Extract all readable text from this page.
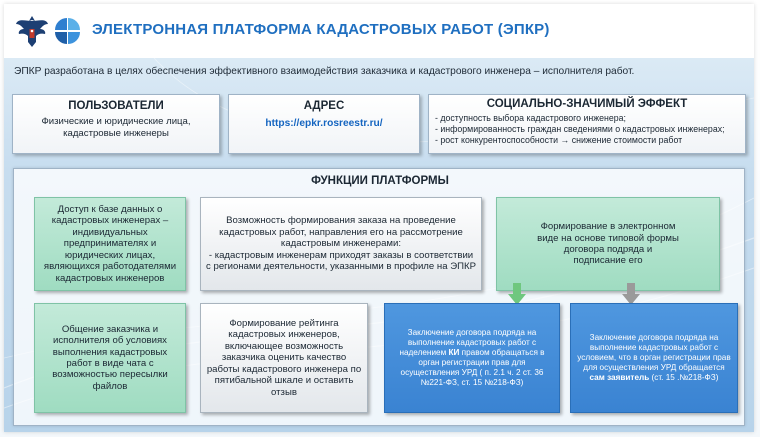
ЭЛЕКТРОННАЯ ПЛАТФОРМА КАДАСТРОВЫХ РАБОТ (ЭПКР)
ЭПКР разработана в целях обеспечения эффективного взаимодействия заказчика и кадастрового инженера – исполнителя работ.
ПОЛЬЗОВАТЕЛИ
Физические и юридические лица, кадастровые инженеры
АДРЕС
https://epkr.rosreestr.ru/
СОЦИАЛЬНО-ЗНАЧИМЫЙ ЭФФЕКТ
- доступность выбора кадастрового инженера;
- информированность граждан сведениями о кадастровых инженерах;
- рост конкурентоспособности → снижение стоимости работ
ФУНКЦИИ ПЛАТФОРМЫ
Доступ к базе данных о кадастровых инженерах – индивидуальных предпринимателях и юридических лицах, являющихся работодателями кадастровых инженеров
Возможность формирования заказа на проведение кадастровых работ, направления его на рассмотрение кадастровым инженерами:
- кадастровым инженерам приходят заказы в соответствии с регионами деятельности, указанными в профиле на ЭПКР
Формирование в электронном виде на основе типовой формы договора подряда и подписание его
Общение заказчика и исполнителя об условиях выполнения кадастровых работ в виде чата с возможностью пересылки файлов
Формирование рейтинга кадастровых инженеров, включающее возможность заказчика оценить качество работы кадастрового инженера по пятибальной шкале и оставить отзыв
Заключение договора подряда на выполнение кадастровых работ с наделением КИ правом обращаться в орган регистрации прав для осуществления УРД ( п. 2.1 ч. 2 ст. 36 №221-ФЗ, ст. 15 №218-ФЗ)
Заключение договора подряда на выполнение кадастровых работ с условием, что в орган регистрации прав для осуществления УРД обращается сам заявитель (ст. 15 .№218-ФЗ)
